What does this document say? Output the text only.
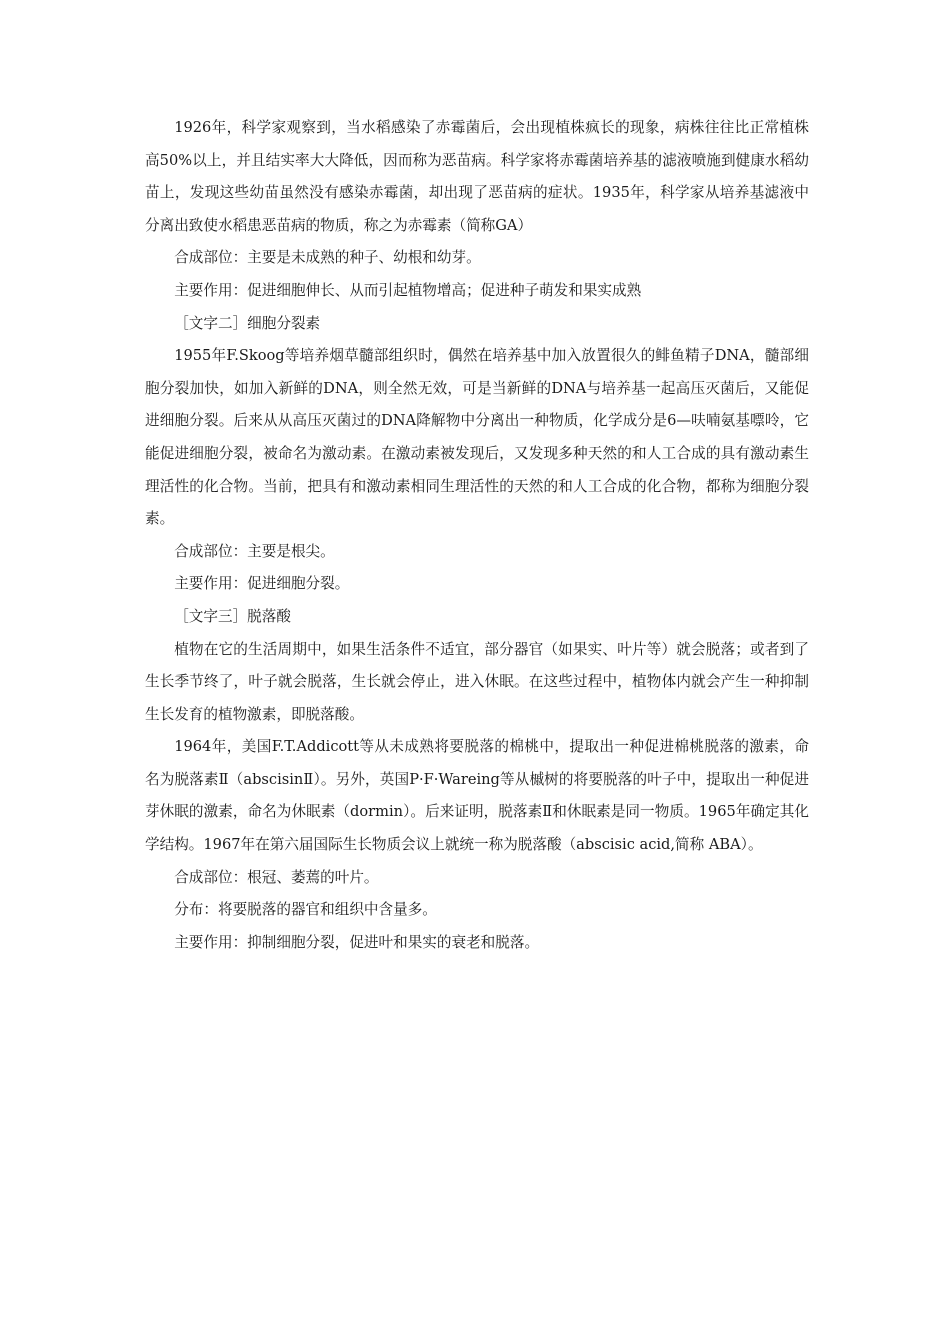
1926年，科学家观察到，当水稻感染了赤霉菌后，会出现植株疯长的现象，病株往往比正常植株高50%以上，并且结实率大大降低，因而称为恶苗病。科学家将赤霉菌培养基的滤液喷施到健康水稻幼苗上，发现这些幼苗虽然没有感染赤霉菌，却出现了恶苗病的症状。1935年，科学家从培养基滤液中分离出致使水稻患恶苗病的物质，称之为赤霉素（简称GA）

合成部位：主要是未成熟的种子、幼根和幼芽。

主要作用：促进细胞伸长、从而引起植物增高；促进种子萌发和果实成熟

［文字二］细胞分裂素

1955年F.Skoog等培养烟草髓部组织时，偶然在培养基中加入放置很久的鲱鱼精子DNA，髓部细胞分裂加快，如加入新鲜的DNA，则全然无效，可是当新鲜的DNA与培养基一起高压灭菌后，又能促进细胞分裂。后来从从高压灭菌过的DNA降解物中分离出一种物质，化学成分是6—呋喃氨基嘌呤，它能促进细胞分裂，被命名为激动素。在激动素被发现后，又发现多种天然的和人工合成的具有激动素生理活性的化合物。当前，把具有和激动素相同生理活性的天然的和人工合成的化合物，都称为细胞分裂素。

合成部位：主要是根尖。

主要作用：促进细胞分裂。

［文字三］脱落酸

植物在它的生活周期中，如果生活条件不适宜，部分器官（如果实、叶片等）就会脱落；或者到了生长季节终了，叶子就会脱落，生长就会停止，进入休眠。在这些过程中，植物体内就会产生一种抑制生长发育的植物激素，即脱落酸。

1964年，美国F.T.Addicott等从未成熟将要脱落的棉桃中，提取出一种促进棉桃脱落的激素，命名为脱落素Ⅱ（abscisinⅡ）。另外，英国P·F·Wareing等从槭树的将要脱落的叶子中，提取出一种促进芽休眠的激素，命名为休眠素（dormin）。后来证明，脱落素Ⅱ和休眠素是同一物质。1965年确定其化学结构。1967年在第六届国际生长物质会议上就统一称为脱落酸（abscisic acid,简称 ABA）。

合成部位：根冠、萎蔫的叶片。

分布：将要脱落的器官和组织中含量多。

主要作用：抑制细胞分裂，促进叶和果实的衰老和脱落。
